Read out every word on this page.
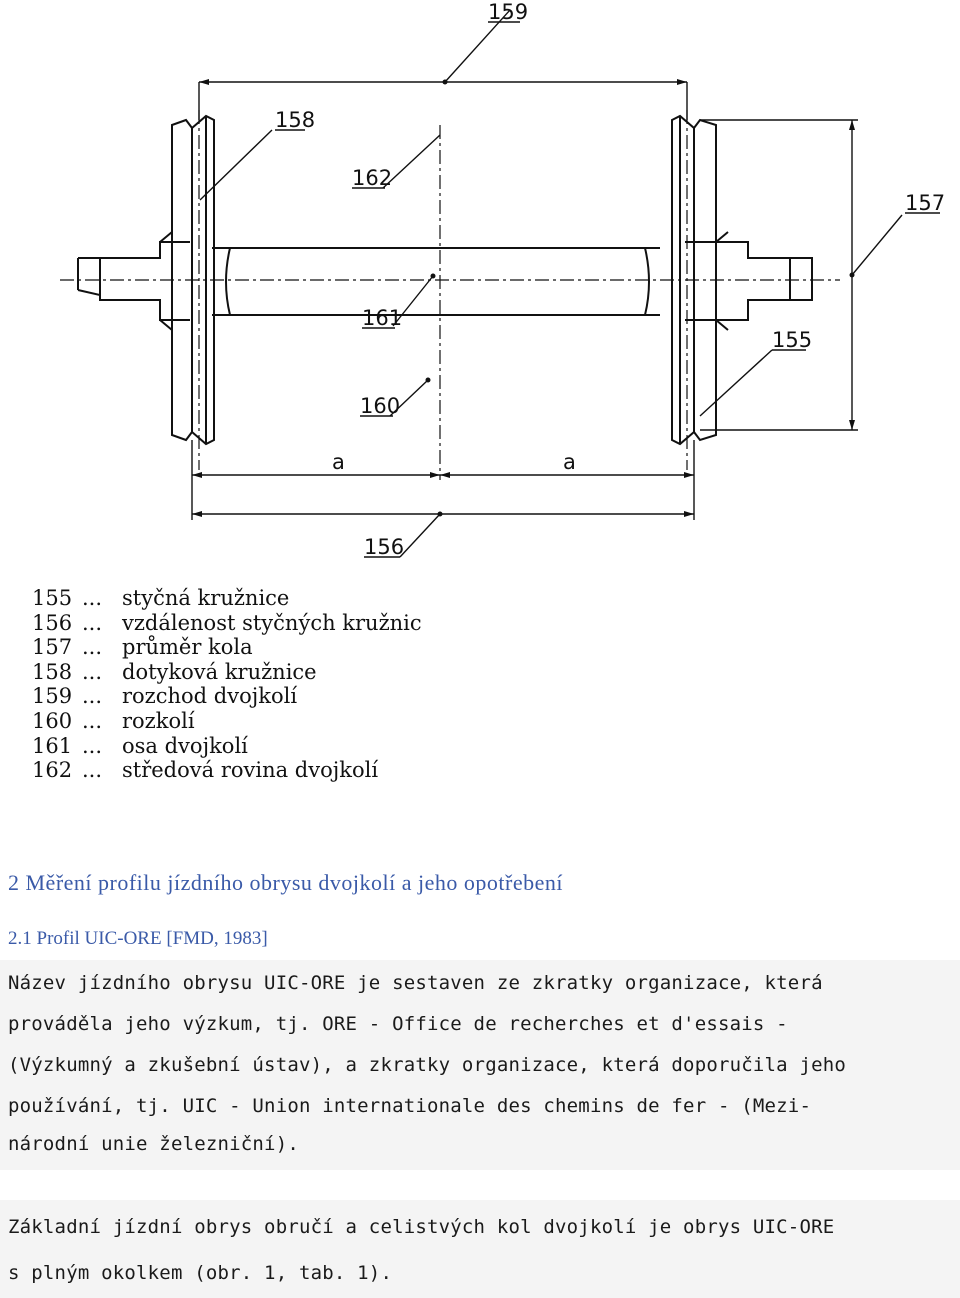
159
158
162
157
161
155
160
a	a
156
155 ... styčná kružnice
156 ... vzdálenost styčných kružnic
157 ... průměr kola
158 ... dotyková kružnice
159 ... rozchod dvojkolí
160 ... rozkolí
161 ... osa dvojkolí
162 ... středová rovina dvojkolí
2 Měření profilu jízdního obrysu dvojkolí a jeho opotřebení
2.1 Profil UIC-ORE [FMD, 1983]
Název jízdního obrysu UIC-ORE je sestaven ze zkratky organizace, která
prováděla jeho výzkum, tj. ORE - Office de recherches et d'essais -
(Výzkumný a zkušební ústav), a zkratky organizace, která doporučila jeho
používání, tj. UIC - Union internationale des chemins de fer - (Mezi-
národní unie železniční).
Základní jízdní obrys obručí a celistvých kol dvojkolí je obrys UIC-ORE
s plným okolkem (obr. 1, tab. 1).
